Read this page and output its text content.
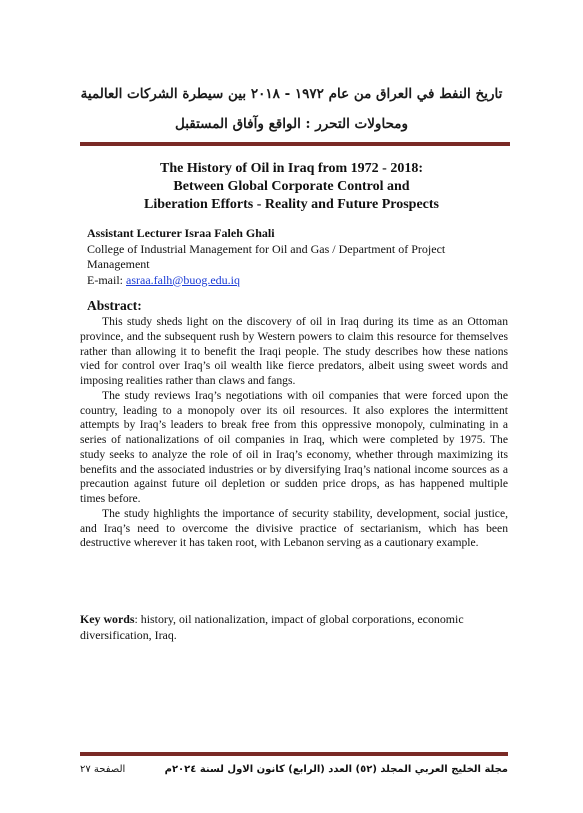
تاريخ النفط في العراق من عام ١٩٧٢ - ٢٠١٨ بين سيطرة الشركات العالمية
ومحاولات التحرر : الواقع وآفاق المستقبل
The History of Oil in Iraq from 1972 - 2018:
Between Global Corporate Control and
Liberation Efforts - Reality and Future Prospects
Assistant Lecturer Israa Faleh Ghali
College of Industrial Management for Oil and Gas / Department of Project Management
E-mail: asraa.falh@buog.edu.iq
Abstract:

This study sheds light on the discovery of oil in Iraq during its time as an Ottoman province, and the subsequent rush by Western powers to claim this resource for themselves rather than allowing it to benefit the Iraqi people. The study describes how these nations vied for control over Iraq’s oil wealth like fierce predators, albeit using sweet words and imposing realities rather than claws and fangs.

The study reviews Iraq’s negotiations with oil companies that were forced upon the country, leading to a monopoly over its oil resources. It also explores the intermittent attempts by Iraq’s leaders to break free from this oppressive monopoly, culminating in a series of nationalizations of oil companies in Iraq, which were completed by 1975. The study seeks to analyze the role of oil in Iraq’s economy, whether through maximizing its benefits and the associated industries or by diversifying Iraq’s national income sources as a precaution against future oil depletion or sudden price drops, as has happened multiple times before.

The study highlights the importance of security stability, development, social justice, and Iraq’s need to overcome the divisive practice of sectarianism, which has been destructive wherever it has taken root, with Lebanon serving as a cautionary example.

Key words: history, oil nationalization, impact of global corporations, economic diversification, Iraq.
مجلة الخليج العربي المجلد (٥٢) العدد (الرابع) كانون الاول لسنة ٢٠٢٤م
الصفحة ٢٧
